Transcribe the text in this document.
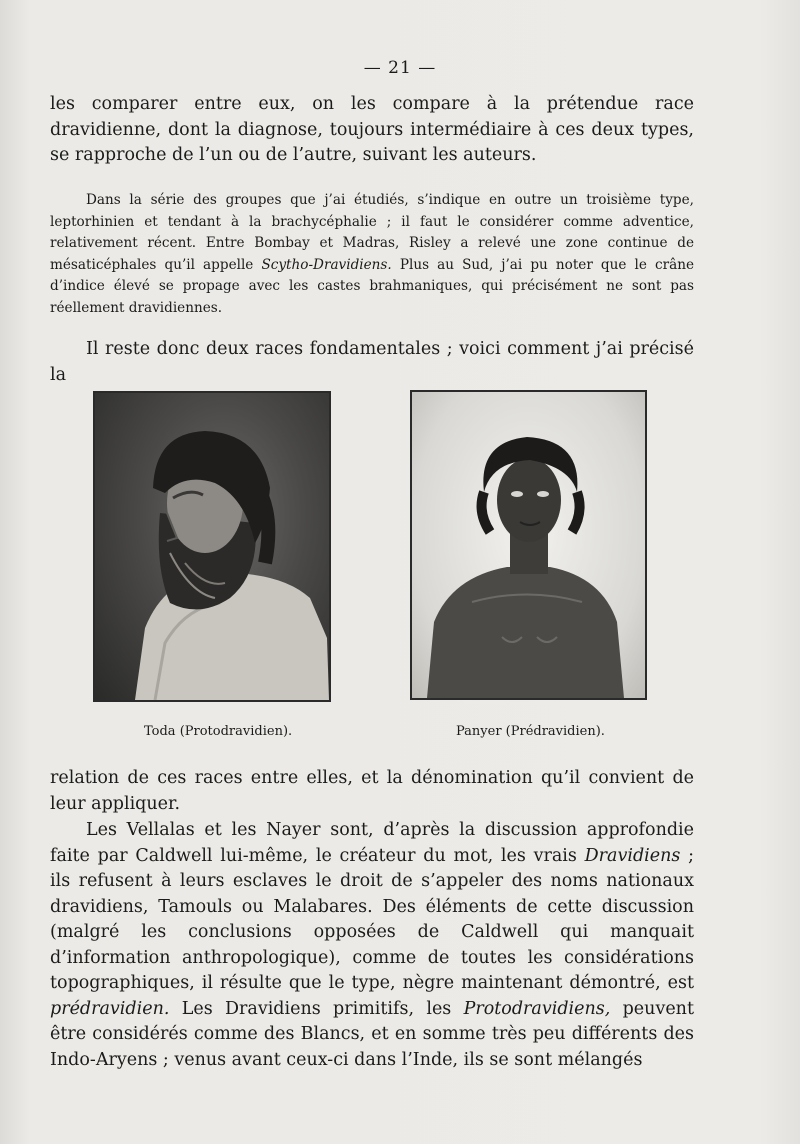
— 21 —

les comparer entre eux, on les compare à la prétendue race dravidienne, dont la diagnose, toujours intermédiaire à ces deux types, se rapproche de l’un ou de l’autre, suivant les auteurs.

Dans la série des groupes que j’ai étudiés, s’indique en outre un troisième type, leptorhinien et tendant à la brachycéphalie ; il faut le considérer comme adventice, relativement récent. Entre Bombay et Madras, Risley a relevé une zone continue de mésaticéphales qu’il appelle Scytho-Dravidiens. Plus au Sud, j’ai pu noter que le crâne d’indice élevé se propage avec les castes brahmaniques, qui précisément ne sont pas réellement dravidiennes.

Il reste donc deux races fondamentales ; voici comment j’ai précisé la

Toda (Protodravidien).	Panyer (Prédravidien).

relation de ces races entre elles, et la dénomination qu’il convient de leur appliquer.

Les Vellalas et les Nayer sont, d’après la discussion approfondie faite par Caldwell lui-même, le créateur du mot, les vrais Dravidiens ; ils refusent à leurs esclaves le droit de s’appeler des noms nationaux dravidiens, Tamouls ou Malabares. Des éléments de cette discussion (malgré les conclusions opposées de Caldwell qui manquait d’information anthropologique), comme de toutes les considérations topographiques, il résulte que le type, nègre maintenant démontré, est prédravidien. Les Dravidiens primitifs, les Protodravidiens, peuvent être considérés comme des Blancs, et en somme très peu différents des Indo-Aryens ; venus avant ceux-ci dans l’Inde, ils se sont mélangés
